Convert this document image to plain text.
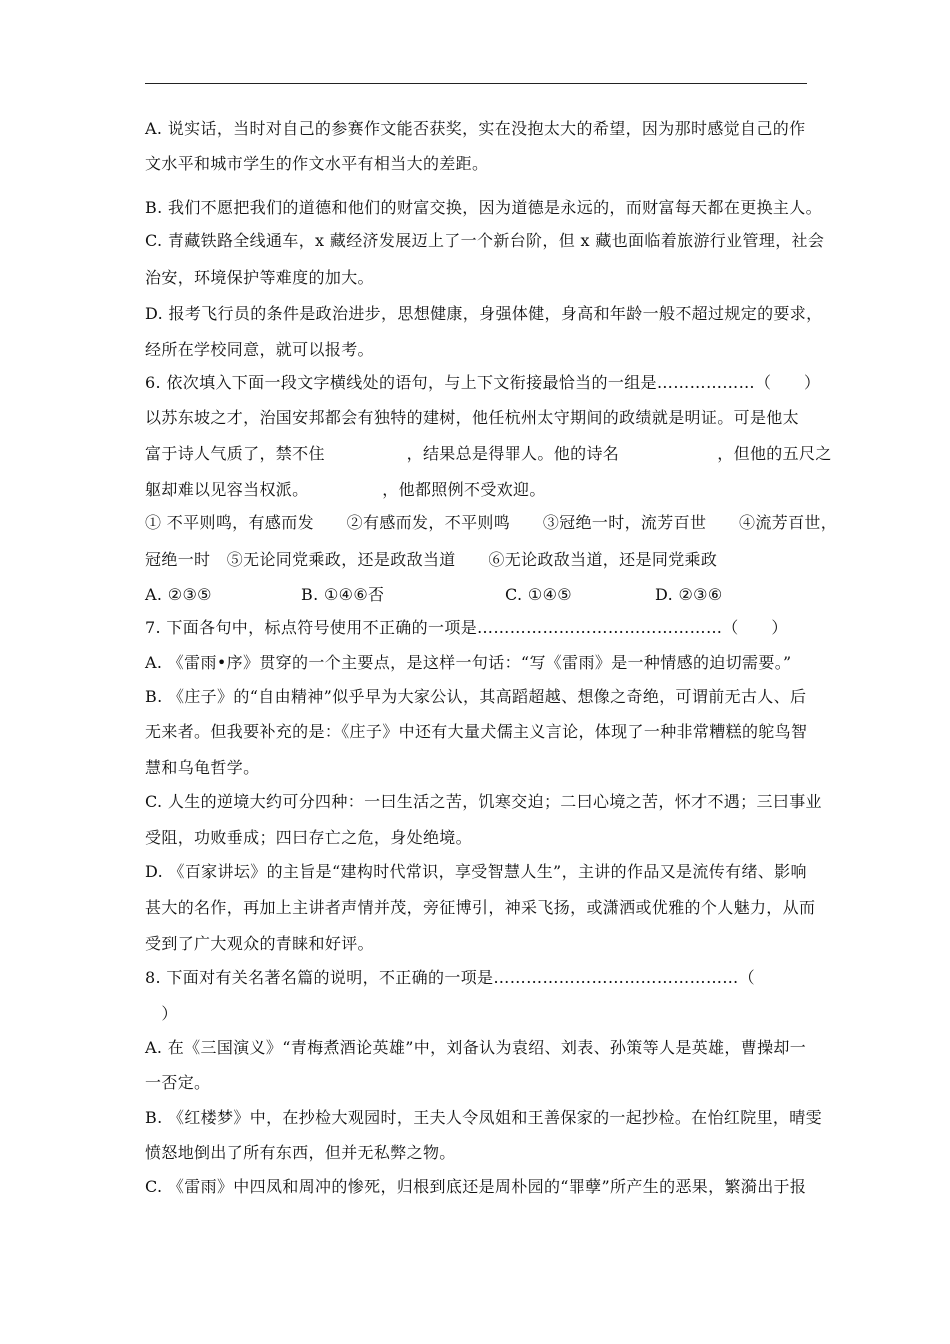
A. 说实话，当时对自己的参赛作文能否获奖，实在没抱太大的希望，因为那时感觉自己的作
文水平和城市学生的作文水平有相当大的差距。
B. 我们不愿把我们的道德和他们的财富交换，因为道德是永远的，而财富每天都在更换主人。
C. 青藏铁路全线通车，x 藏经济发展迈上了一个新台阶，但 x 藏也面临着旅游行业管理，社会
治安，环境保护等难度的加大。
D. 报考飞行员的条件是政治进步，思想健康，身强体健，身高和年龄一般不超过规定的要求，
经所在学校同意，就可以报考。
6. 依次填入下面一段文字横线处的语句，与上下文衔接最恰当的一组是………………（　　）
以苏东坡之才，治国安邦都会有独特的建树，他任杭州太守期间的政绩就是明证。可是他太
富于诗人气质了，禁不住　　　　　，结果总是得罪人。他的诗名　　　　　　，但他的五尺之
躯却难以见容当权派。　　　　　，他都照例不受欢迎。
① 不平则鸣，有感而发　　②有感而发，不平则鸣　　③冠绝一时，流芳百世　　④流芳百世，
冠绝一时　⑤无论同党乘政，还是政敌当道　　⑥无论政敌当道，还是同党乘政
A. ②③⑤	B. ①④⑥否	C. ①④⑤	D. ②③⑥
7. 下面各句中，标点符号使用不正确的一项是………………………………………（　　）
A. 《雷雨•序》贯穿的一个主要点，是这样一句话：“写《雷雨》是一种情感的迫切需要。”
B. 《庄子》的“自由精神”似乎早为大家公认，其高蹈超越、想像之奇绝，可谓前无古人、后
无来者。但我要补充的是：《庄子》中还有大量犬儒主义言论，体现了一种非常糟糕的鸵鸟智
慧和乌龟哲学。
C. 人生的逆境大约可分四种：一曰生活之苦，饥寒交迫；二曰心境之苦，怀才不遇；三曰事业
受阻，功败垂成；四曰存亡之危，身处绝境。
D. 《百家讲坛》的主旨是“建构时代常识，享受智慧人生”，主讲的作品又是流传有绪、影响
甚大的名作，再加上主讲者声情并茂，旁征博引，神采飞扬，或潇洒或优雅的个人魅力，从而
受到了广大观众的青睐和好评。
8. 下面对有关名著名篇的说明，不正确的一项是………………………………………（
　）
A. 在《三国演义》“青梅煮酒论英雄”中，刘备认为袁绍、刘表、孙策等人是英雄，曹操却一
一否定。
B. 《红楼梦》中，在抄检大观园时，王夫人令凤姐和王善保家的一起抄检。在怡红院里，晴雯
愤怒地倒出了所有东西，但并无私弊之物。
C. 《雷雨》中四凤和周冲的惨死，归根到底还是周朴园的“罪孽”所产生的恶果，繁漪出于报
